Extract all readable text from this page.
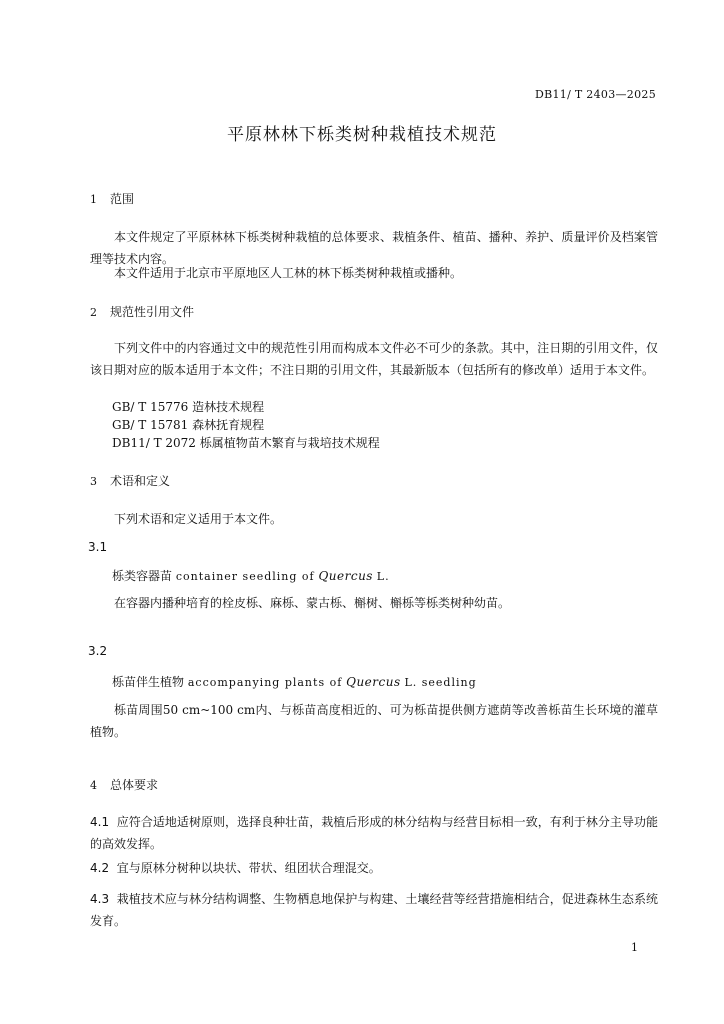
DB11/ T 2403—2025
平原林林下栎类树种栽植技术规范
1 范围
本文件规定了平原林林下栎类树种栽植的总体要求、栽植条件、植苗、播种、养护、质量评价及档案管理等技术内容。
本文件适用于北京市平原地区人工林的林下栎类树种栽植或播种。
2 规范性引用文件
下列文件中的内容通过文中的规范性引用而构成本文件必不可少的条款。其中，注日期的引用文件，仅该日期对应的版本适用于本文件；不注日期的引用文件，其最新版本（包括所有的修改单）适用于本文件。
GB/ T 15776 造林技术规程
GB/ T 15781 森林抚育规程
DB11/ T 2072 栎属植物苗木繁育与栽培技术规程
3 术语和定义
下列术语和定义适用于本文件。
3.1
栎类容器苗 container seedling of Quercus L.
在容器内播种培育的栓皮栎、麻栎、蒙古栎、槲树、槲栎等栎类树种幼苗。
3.2
栎苗伴生植物 accompanying plants of Quercus L. seedling
栎苗周围50 cm~100 cm内、与栎苗高度相近的、可为栎苗提供侧方遮荫等改善栎苗生长环境的灌草植物。
4 总体要求
4.1 应符合适地适树原则，选择良种壮苗，栽植后形成的林分结构与经营目标相一致，有利于林分主导功能的高效发挥。
4.2 宜与原林分树种以块状、带状、组团状合理混交。
4.3 栽植技术应与林分结构调整、生物栖息地保护与构建、土壤经营等经营措施相结合，促进森林生态系统发育。
1
